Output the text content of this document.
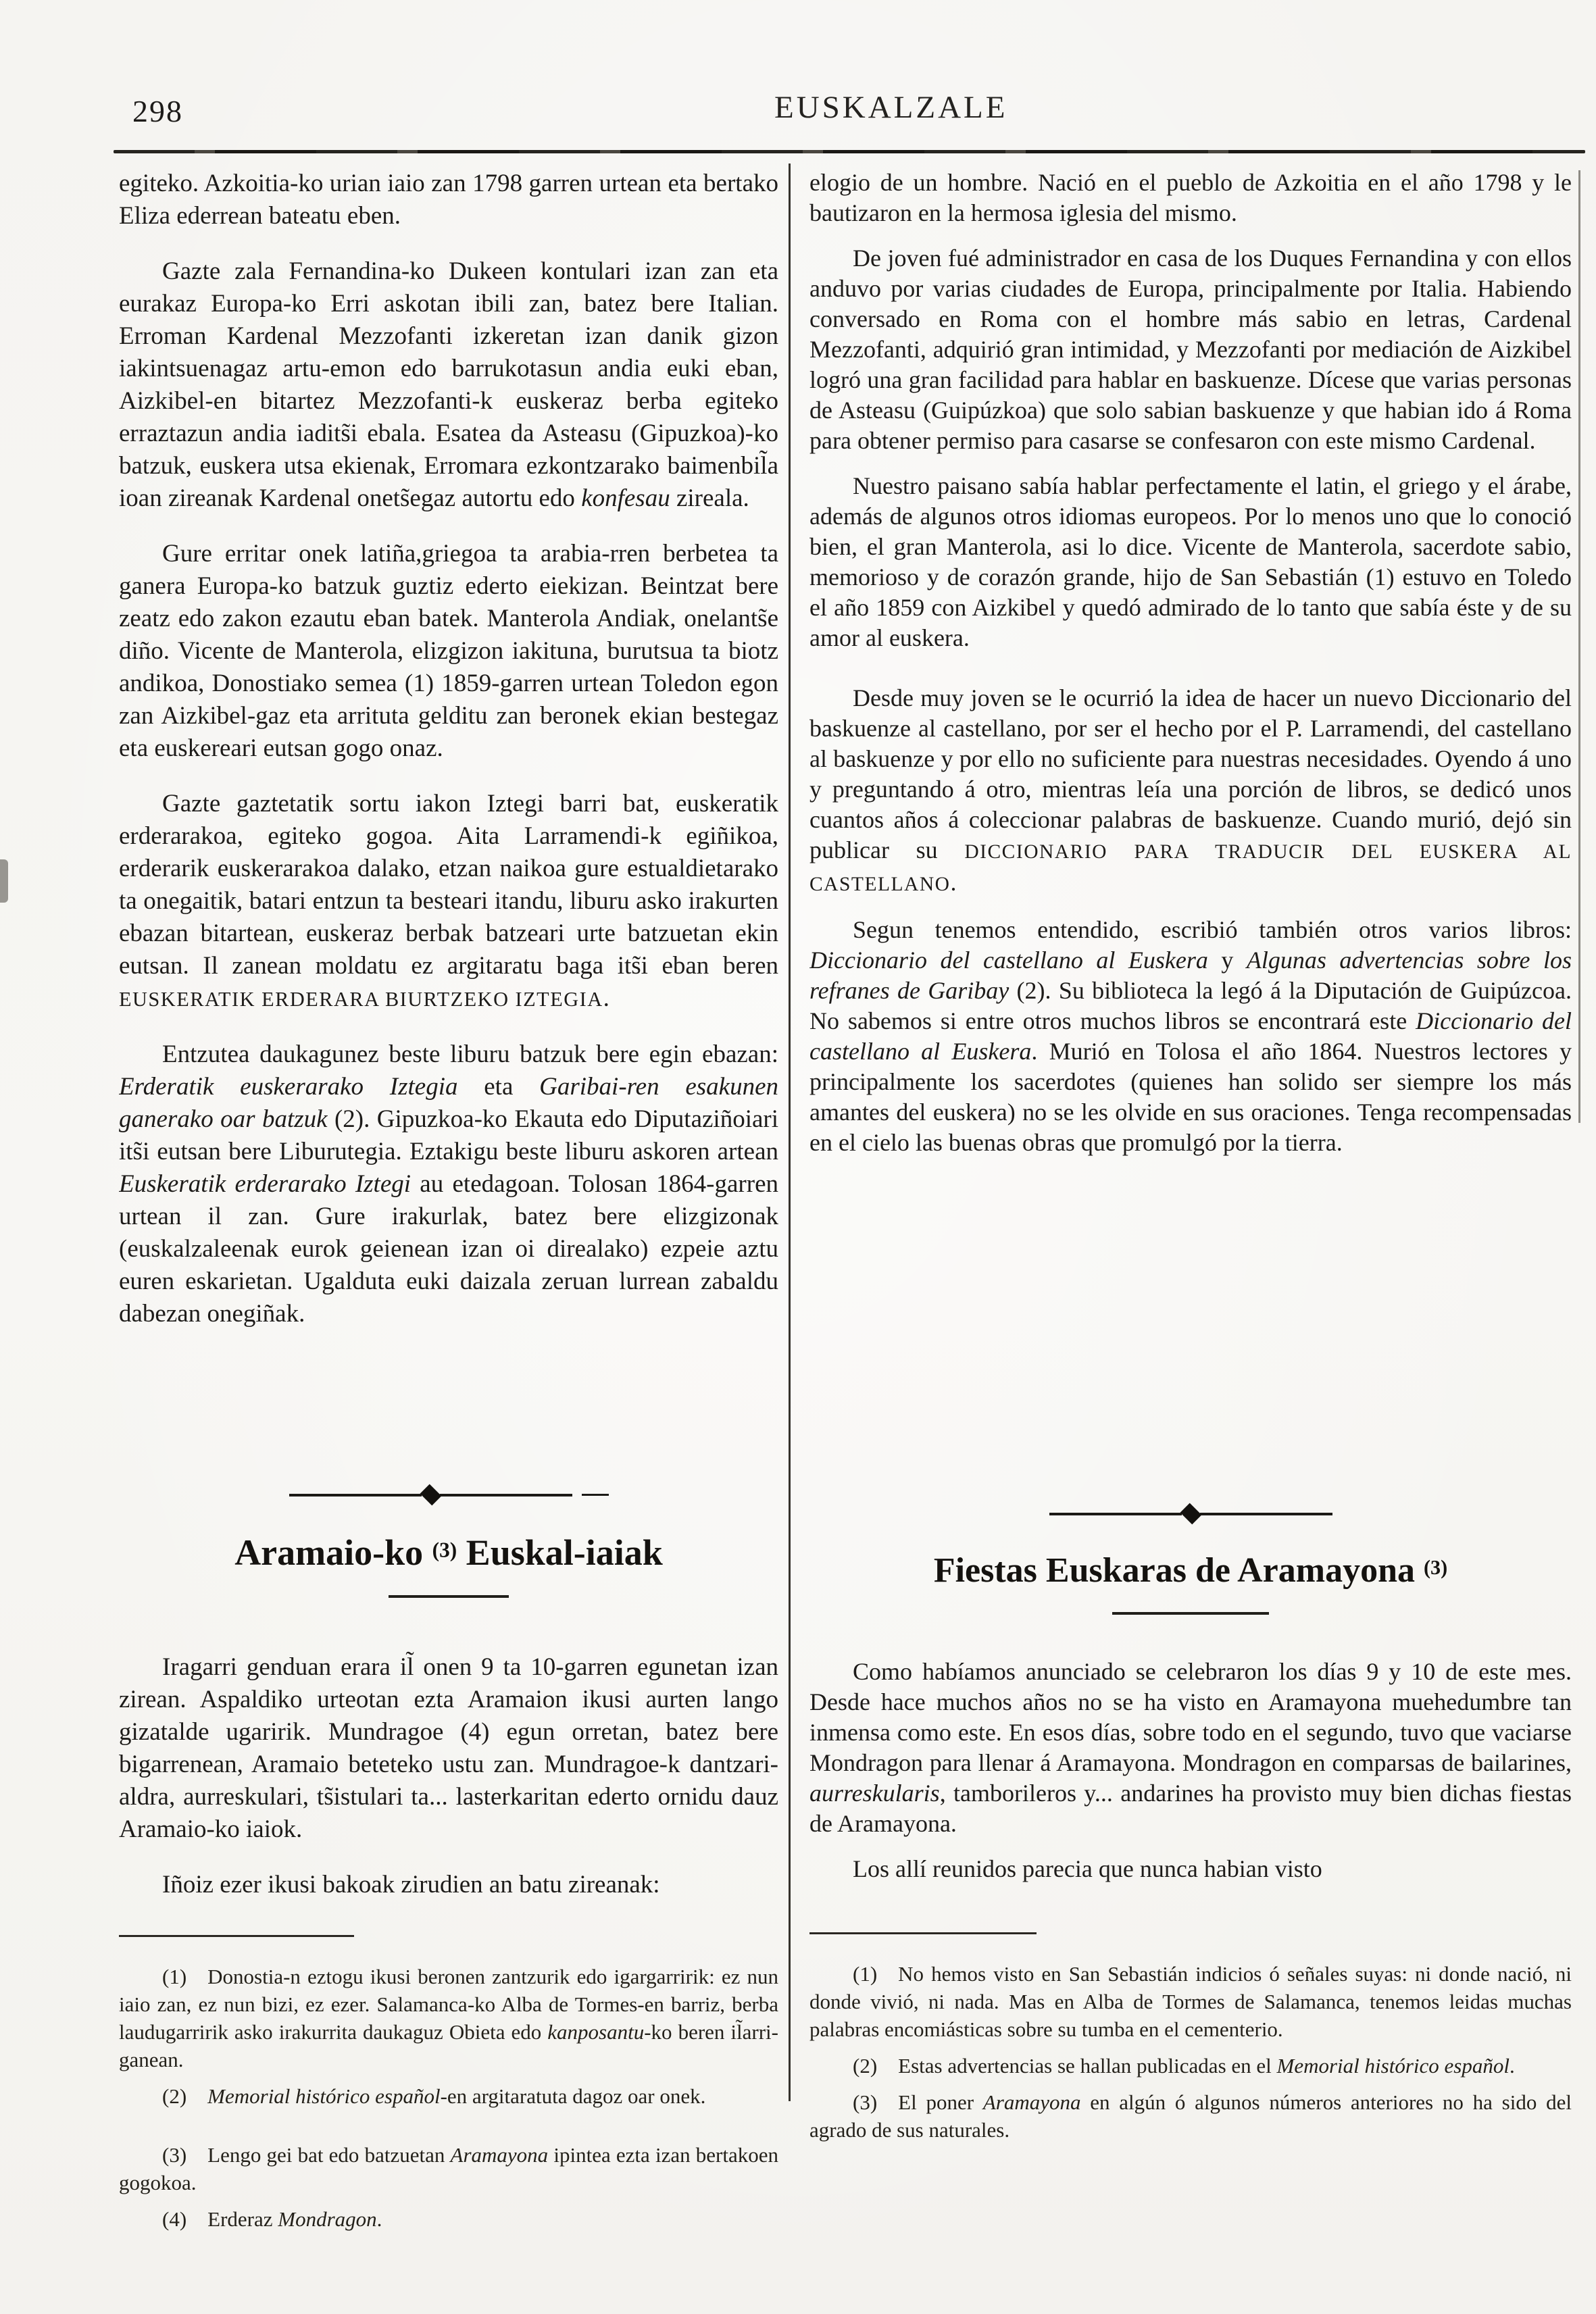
298	EUSKALZALE

egiteko. Azkoitia-ko urian iaio zan 1798 garren urtean eta bertako Eliza ederrean bateatu eben.

Gazte zala Fernandina-ko Dukeen kontulari izan zan eta eurakaz Europa-ko Erri askotan ibili zan, batez bere Italian. Erroman Kardenal Mezzofanti izkeretan izan danik gizon iakintsuenagaz artu-emon edo barrukotasun andia euki eban, Aizkibel-en bitartez Mezzofanti-k euskeraz berba egiteko erraztazun andia iadits̃i ebala. Esatea da Asteasu (Gipuzkoa)-ko batzuk, euskera utsa ekienak, Erromara ezkontzarako baimenbil̃a ioan zireanak Kardenal onets̃egaz autortu edo konfesau zireala.

Gure erritar onek latiña,griegoa ta arabia-rren berbetea ta ganera Europa-ko batzuk guztiz ederto eiekizan. Beintzat bere zeatz edo zakon ezautu eban batek. Manterola Andiak, onelants̃e diño. Vicente de Manterola, elizgizon iakituna, burutsua ta biotz andikoa, Donostiako semea (1) 1859-garren urtean Toledon egon zan Aizkibel-gaz eta arrituta gelditu zan beronek ekian bestegaz eta euskereari eutsan gogo onaz.

Gazte gaztetatik sortu iakon Iztegi barri bat, euskeratik erderarakoa, egiteko gogoa. Aita Larramendi-k egiñikoa, erderarik euskerarakoa dalako, etzan naikoa gure estualdietarako ta onegaitik, batari entzun ta besteari itandu, liburu asko irakurten ebazan bitartean, euskeraz berbak batzeari urte batzuetan ekin eutsan. Il zanean moldatu ez argitaratu baga its̃i eban beren EUSKERATIK ERDERARA BIURTZEKO IZTEGIA.

Entzutea daukagunez beste liburu batzuk bere egin ebazan: Erderatik euskerarako Iztegia eta Garibai-ren esakunen ganerako oar batzuk (2). Gipuzkoa-ko Ekauta edo Diputaziñoiari its̃i eutsan bere Liburutegia. Eztakigu beste liburu askoren artean Euskeratik erderarako Iztegi au etedagoan. Tolosan 1864-garren urtean il zan. Gure irakurlak, batez bere elizgizonak (euskalzaleenak eurok geienean izan oi direalako) ezpeie aztu euren eskarietan. Ugalduta euki daizala zeruan lurrean zabaldu dabezan onegiñak.

Aramaio-ko $^{(3)}$ Euskal-iaiak

Iragarri genduan erara il̃ onen 9 ta 10-garren egunetan izan zirean. Aspaldiko urteotan ezta Aramaion ikusi aurten lango gizatalde ugaririk. Mundragoe (4) egun orretan, batez bere bigarrenean, Aramaio beteteko ustu zan. Mundragoe-k dantzari-aldra, aurreskulari, ts̃istulari ta... lasterkaritan ederto ornidu dauz Aramaio-ko iaiok.

Iñoiz ezer ikusi bakoak zirudien an batu zireanak:

(1)  Donostia-n eztogu ikusi beronen zantzurik edo igargarririk: ez nun iaio zan, ez nun bizi, ez ezer. Salamanca-ko Alba de Tormes-en barriz, berba laudugarririk asko irakurrita daukaguz Obieta edo kanposantu-ko beren il̃arri-ganean.

(2)  Memorial histórico español-en argitaratuta dagoz oar onek.

(3)  Lengo gei bat edo batzuetan Aramayona ipintea ezta izan bertakoen gogokoa.

(4)  Erderaz Mondragon.

elogio de un hombre. Nació en el pueblo de Azkoitia en el año 1798 y le bautizaron en la hermosa iglesia del mismo.

De joven fué administrador en casa de los Duques Fernandina y con ellos anduvo por varias ciudades de Europa, principalmente por Italia. Habiendo conversado en Roma con el hombre más sabio en letras, Cardenal Mezzofanti, adquirió gran intimidad, y Mezzofanti por mediación de Aizkibel logró una gran facilidad para hablar en baskuenze. Dícese que varias personas de Asteasu (Guipúzkoa) que solo sabian baskuenze y que habian ido á Roma para obtener permiso para casarse se confesaron con este mismo Cardenal.

Nuestro paisano sabía hablar perfectamente el latin, el griego y el árabe, además de algunos otros idiomas europeos. Por lo menos uno que lo conoció bien, el gran Manterola, asi lo dice. Vicente de Manterola, sacerdote sabio, memorioso y de corazón grande, hijo de San Sebastián (1) estuvo en Toledo el año 1859 con Aizkibel y quedó admirado de lo tanto que sabía éste y de su amor al euskera.

Desde muy joven se le ocurrió la idea de hacer un nuevo Diccionario del baskuenze al castellano, por ser el hecho por el P. Larramendi, del castellano al baskuenze y por ello no suficiente para nuestras necesidades. Oyendo á uno y preguntando á otro, mientras leía una porción de libros, se dedicó unos cuantos años á coleccionar palabras de baskuenze. Cuando murió, dejó sin publicar su DICCIONARIO PARA TRADUCIR DEL EUSKERA AL CASTELLANO.

Segun tenemos entendido, escribió también otros varios libros: Diccionario del castellano al Euskera y Algunas advertencias sobre los refranes de Garibay (2). Su biblioteca la legó á la Diputación de Guipúzcoa. No sabemos si entre otros muchos libros se encontrará este Diccionario del castellano al Euskera. Murió en Tolosa el año 1864. Nuestros lectores y principalmente los sacerdotes (quienes han solido ser siempre los más amantes del euskera) no se les olvide en sus oraciones. Tenga recompensadas en el cielo las buenas obras que promulgó por la tierra.

Fiestas Euskaras de Aramayona $^{(3)}$

Como habíamos anunciado se celebraron los días 9 y 10 de este mes. Desde hace muchos años no se ha visto en Aramayona muehedumbre tan inmensa como este. En esos días, sobre todo en el segundo, tuvo que vaciarse Mondragon para llenar á Aramayona. Mondragon en comparsas de bailarines, aurreskularis, tamborileros y... andarines ha provisto muy bien dichas fiestas de Aramayona.

Los allí reunidos parecia que nunca habian visto

(1)  No hemos visto en San Sebastián indicios ó señales suyas: ni donde nació, ni donde vivió, ni nada. Mas en Alba de Tormes de Salamanca, tenemos leidas muchas palabras encomiásticas sobre su tumba en el cementerio.

(2)  Estas advertencias se hallan publicadas en el Memorial histórico español.

(3)  El poner Aramayona en algún ó algunos números anteriores no ha sido del agrado de sus naturales.
